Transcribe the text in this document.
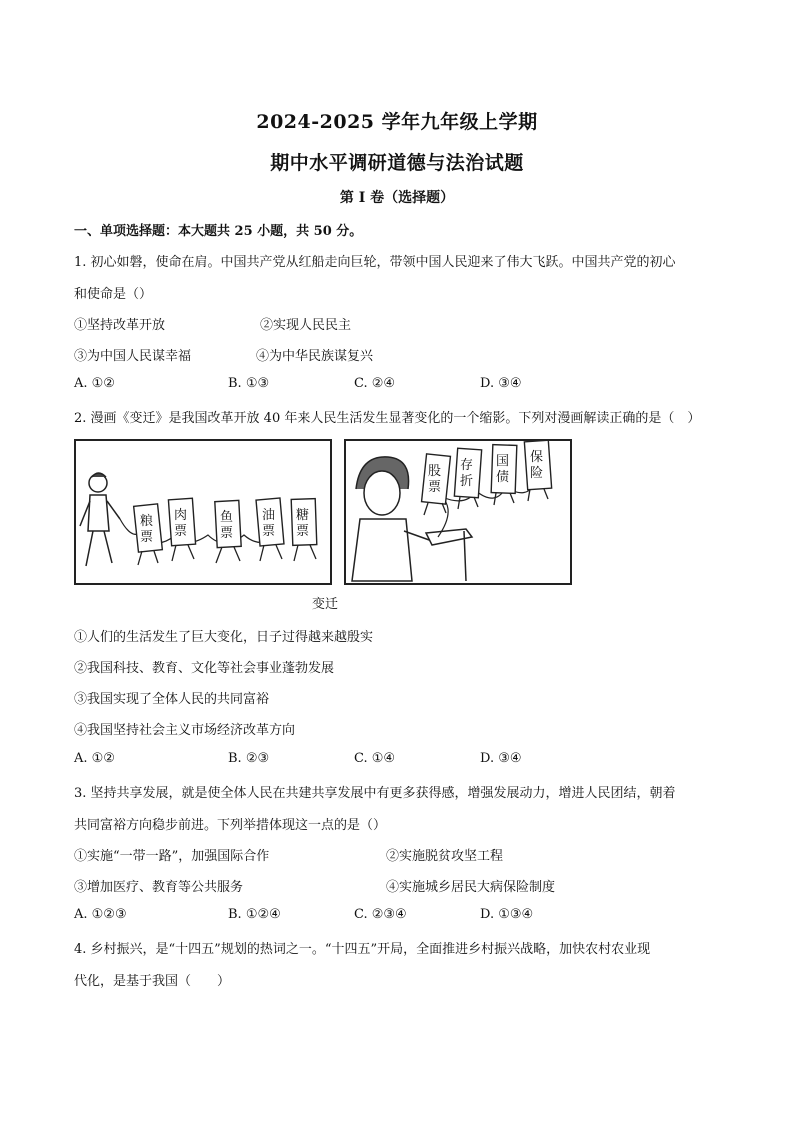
2024-2025 学年九年级上学期
期中水平调研道德与法治试题
第 I 卷（选择题）
一、单项选择题：本大题共 25 小题，共 50 分。
1. 初心如磐，使命在肩。中国共产党从红船走向巨轮，带领中国人民迎来了伟大飞跃。中国共产党的初心
和使命是（）
①坚持改革开放	②实现人民民主
③为中国人民谋幸福	④为中华民族谋复兴
A. ①②	B. ①③	C. ②④	D. ③④
2. 漫画《变迁》是我国改革开放 40 年来人民生活发生显著变化的一个缩影。下列对漫画解读正确的是（　）
粮票
肉票
鱼票
油票
糖票
股票
存折
国债
保险
变迁
①人们的生活发生了巨大变化，日子过得越来越殷实
②我国科技、教育、文化等社会事业蓬勃发展
③我国实现了全体人民的共同富裕
④我国坚持社会主义市场经济改革方向
A. ①②	B. ②③	C. ①④	D. ③④
3. 坚持共享发展，就是使全体人民在共建共享发展中有更多获得感，增强发展动力，增进人民团结，朝着
共同富裕方向稳步前进。下列举措体现这一点的是（）
①实施“一带一路”，加强国际合作	②实施脱贫攻坚工程
③增加医疗、教育等公共服务	④实施城乡居民大病保险制度
A. ①②③	B. ①②④	C. ②③④	D. ①③④
4. 乡村振兴，是“十四五”规划的热词之一。“十四五”开局，全面推进乡村振兴战略，加快农村农业现
代化，是基于我国（　　）
